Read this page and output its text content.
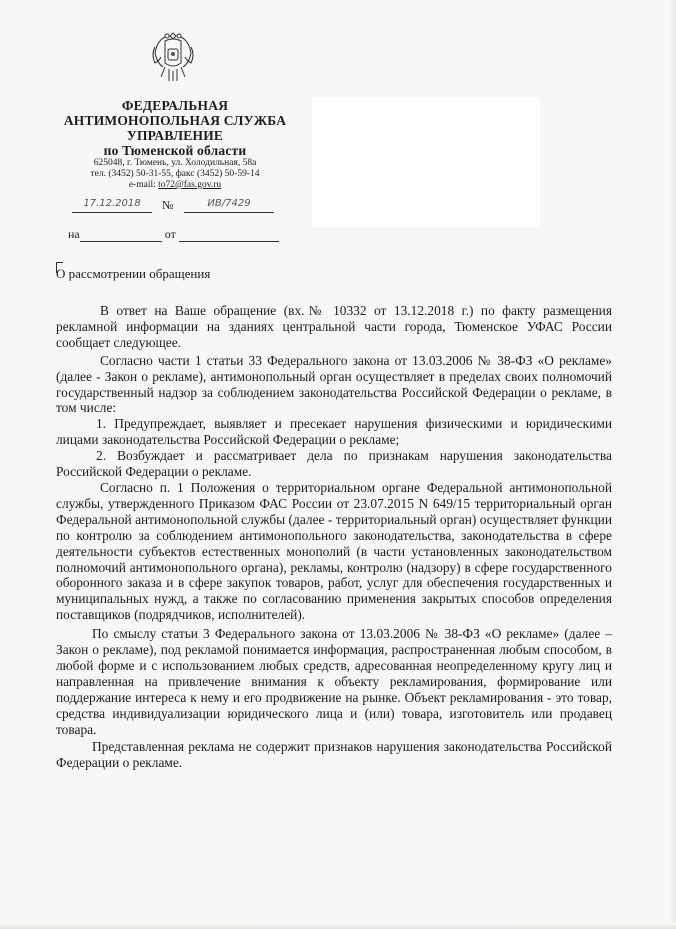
ФЕДЕРАЛЬНАЯ
АНТИМОНОПОЛЬНАЯ СЛУЖБА
УПРАВЛЕНИЕ
по Тюменской области
625048, г. Тюмень, ул. Холодильная, 58а
тел. (3452) 50-31-55, факс (3452) 50-59-14
e-mail: to72@fas.gov.ru
17.12.2018	№	ИВ/7429
на	от
О рассмотрении обращения

В ответ на Ваше обращение (вх.№ 10332 от 13.12.2018 г.) по факту размещения рекламной информации на зданиях центральной части города, Тюменское УФАС России сообщает следующее.

Согласно части 1 статьи 33 Федерального закона от 13.03.2006 № 38-ФЗ «О рекламе» (далее - Закон о рекламе), антимонопольный орган осуществляет в пределах своих полномочий государственный надзор за соблюдением законодательства Российской Федерации о рекламе, в том числе:

1. Предупреждает, выявляет и пресекает нарушения физическими и юридическими лицами законодательства Российской Федерации о рекламе;

2. Возбуждает и рассматривает дела по признакам нарушения законодательства Российской Федерации о рекламе.

Согласно п. 1 Положения о территориальном органе Федеральной антимонопольной службы, утвержденного Приказом ФАС России от 23.07.2015 N 649/15 территориальный орган Федеральной антимонопольной службы (далее - территориальный орган) осуществляет функции по контролю за соблюдением антимонопольного законодательства, законодательства в сфере деятельности субъектов естественных монополий (в части установленных законодательством полномочий антимонопольного органа), рекламы, контролю (надзору) в сфере государственного оборонного заказа и в сфере закупок товаров, работ, услуг для обеспечения государственных и муниципальных нужд, а также по согласованию применения закрытых способов определения поставщиков (подрядчиков, исполнителей).

По смыслу статьи 3 Федерального закона от 13.03.2006 № 38-ФЗ «О рекламе» (далее – Закон о рекламе), под рекламой понимается информация, распространенная любым способом, в любой форме и с использованием любых средств, адресованная неопределенному кругу лиц и направленная на привлечение внимания к объекту рекламирования, формирование или поддержание интереса к нему и его продвижение на рынке. Объект рекламирования - это товар, средства индивидуализации юридического лица и (или) товара, изготовитель или продавец товара.

Представленная реклама не содержит признаков нарушения законодательства Российской Федерации о рекламе.
